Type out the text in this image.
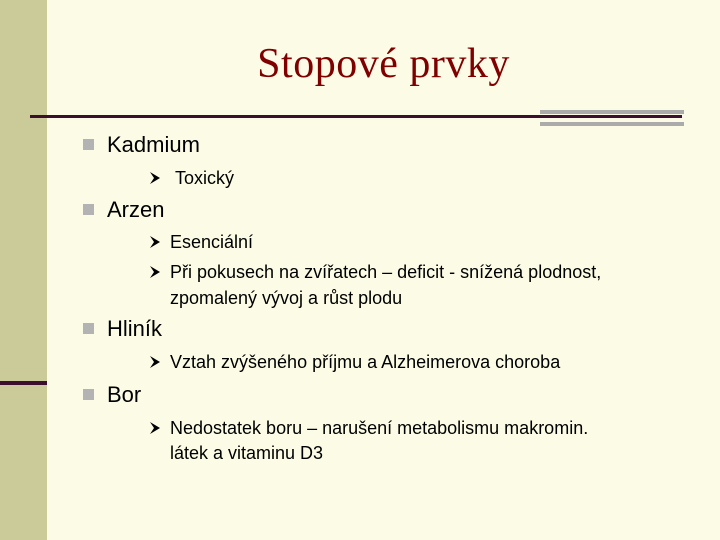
Stopové prvky
Kadmium
Toxický
Arzen
Esenciální
Při pokusech na zvířatech – deficit - snížená plodnost,
zpomalený vývoj a růst plodu
Hliník
Vztah zvýšeného příjmu a Alzheimerova choroba
Bor
Nedostatek boru – narušení metabolismu makromin.
látek a vitaminu D3
